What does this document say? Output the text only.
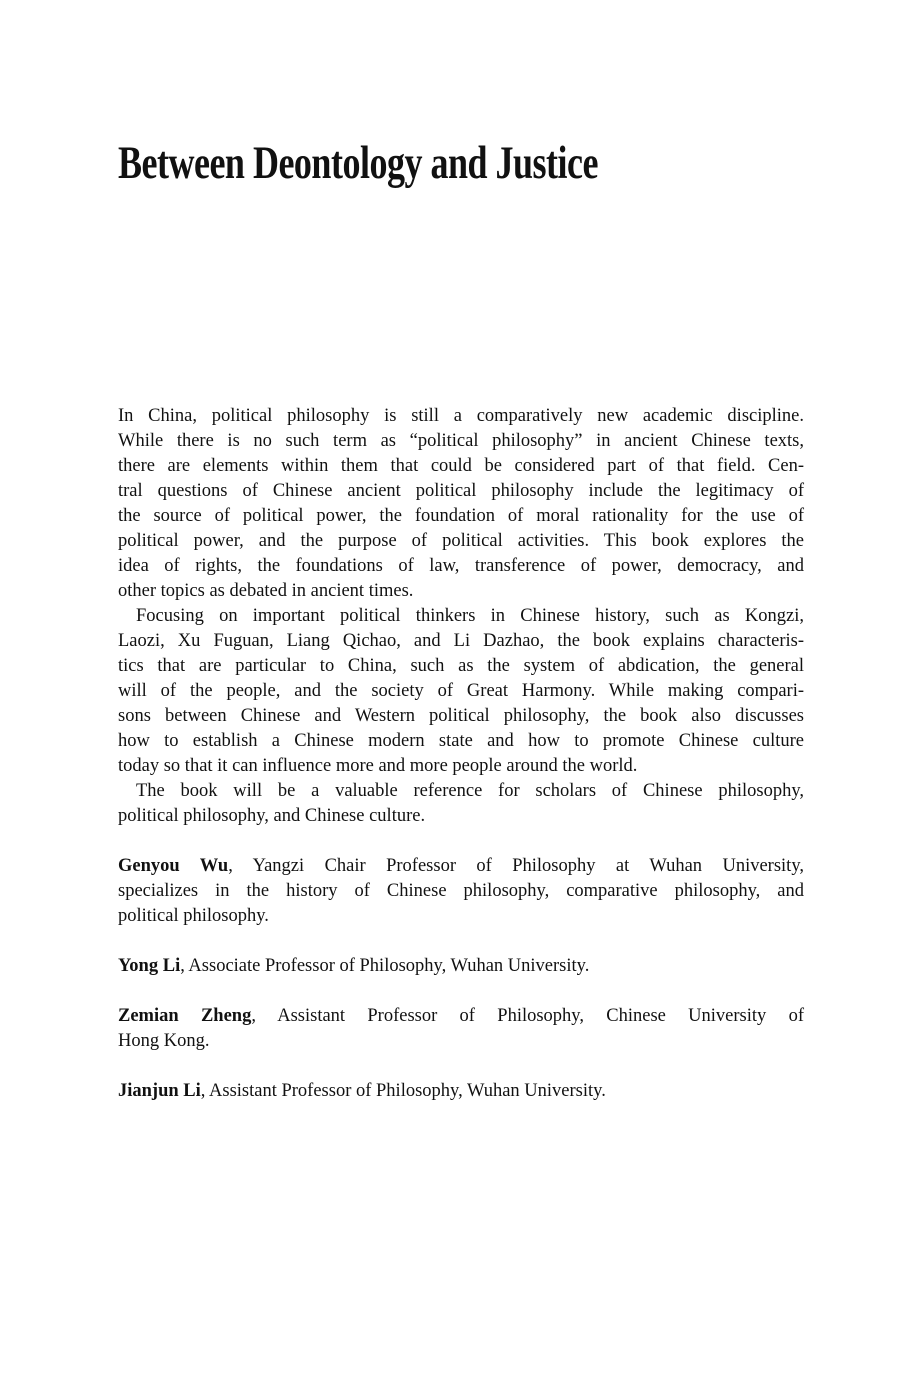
Between Deontology and Justice
In China, political philosophy is still a comparatively new academic discipline.
While there is no such term as “political philosophy” in ancient Chinese texts,
there are elements within them that could be considered part of that field. Cen-
tral questions of Chinese ancient political philosophy include the legitimacy of
the source of political power, the foundation of moral rationality for the use of
political power, and the purpose of political activities. This book explores the
idea of rights, the foundations of law, transference of power, democracy, and
other topics as debated in ancient times.
Focusing on important political thinkers in Chinese history, such as Kongzi,
Laozi, Xu Fuguan, Liang Qichao, and Li Dazhao, the book explains characteris-
tics that are particular to China, such as the system of abdication, the general
will of the people, and the society of Great Harmony. While making compari-
sons between Chinese and Western political philosophy, the book also discusses
how to establish a Chinese modern state and how to promote Chinese culture
today so that it can influence more and more people around the world.
The book will be a valuable reference for scholars of Chinese philosophy,
political philosophy, and Chinese culture.
Genyou Wu, Yangzi Chair Professor of Philosophy at Wuhan University,
specializes in the history of Chinese philosophy, comparative philosophy, and
political philosophy.
Yong Li, Associate Professor of Philosophy, Wuhan University.
Zemian Zheng, Assistant Professor of Philosophy, Chinese University of
Hong Kong.
Jianjun Li, Assistant Professor of Philosophy, Wuhan University.
